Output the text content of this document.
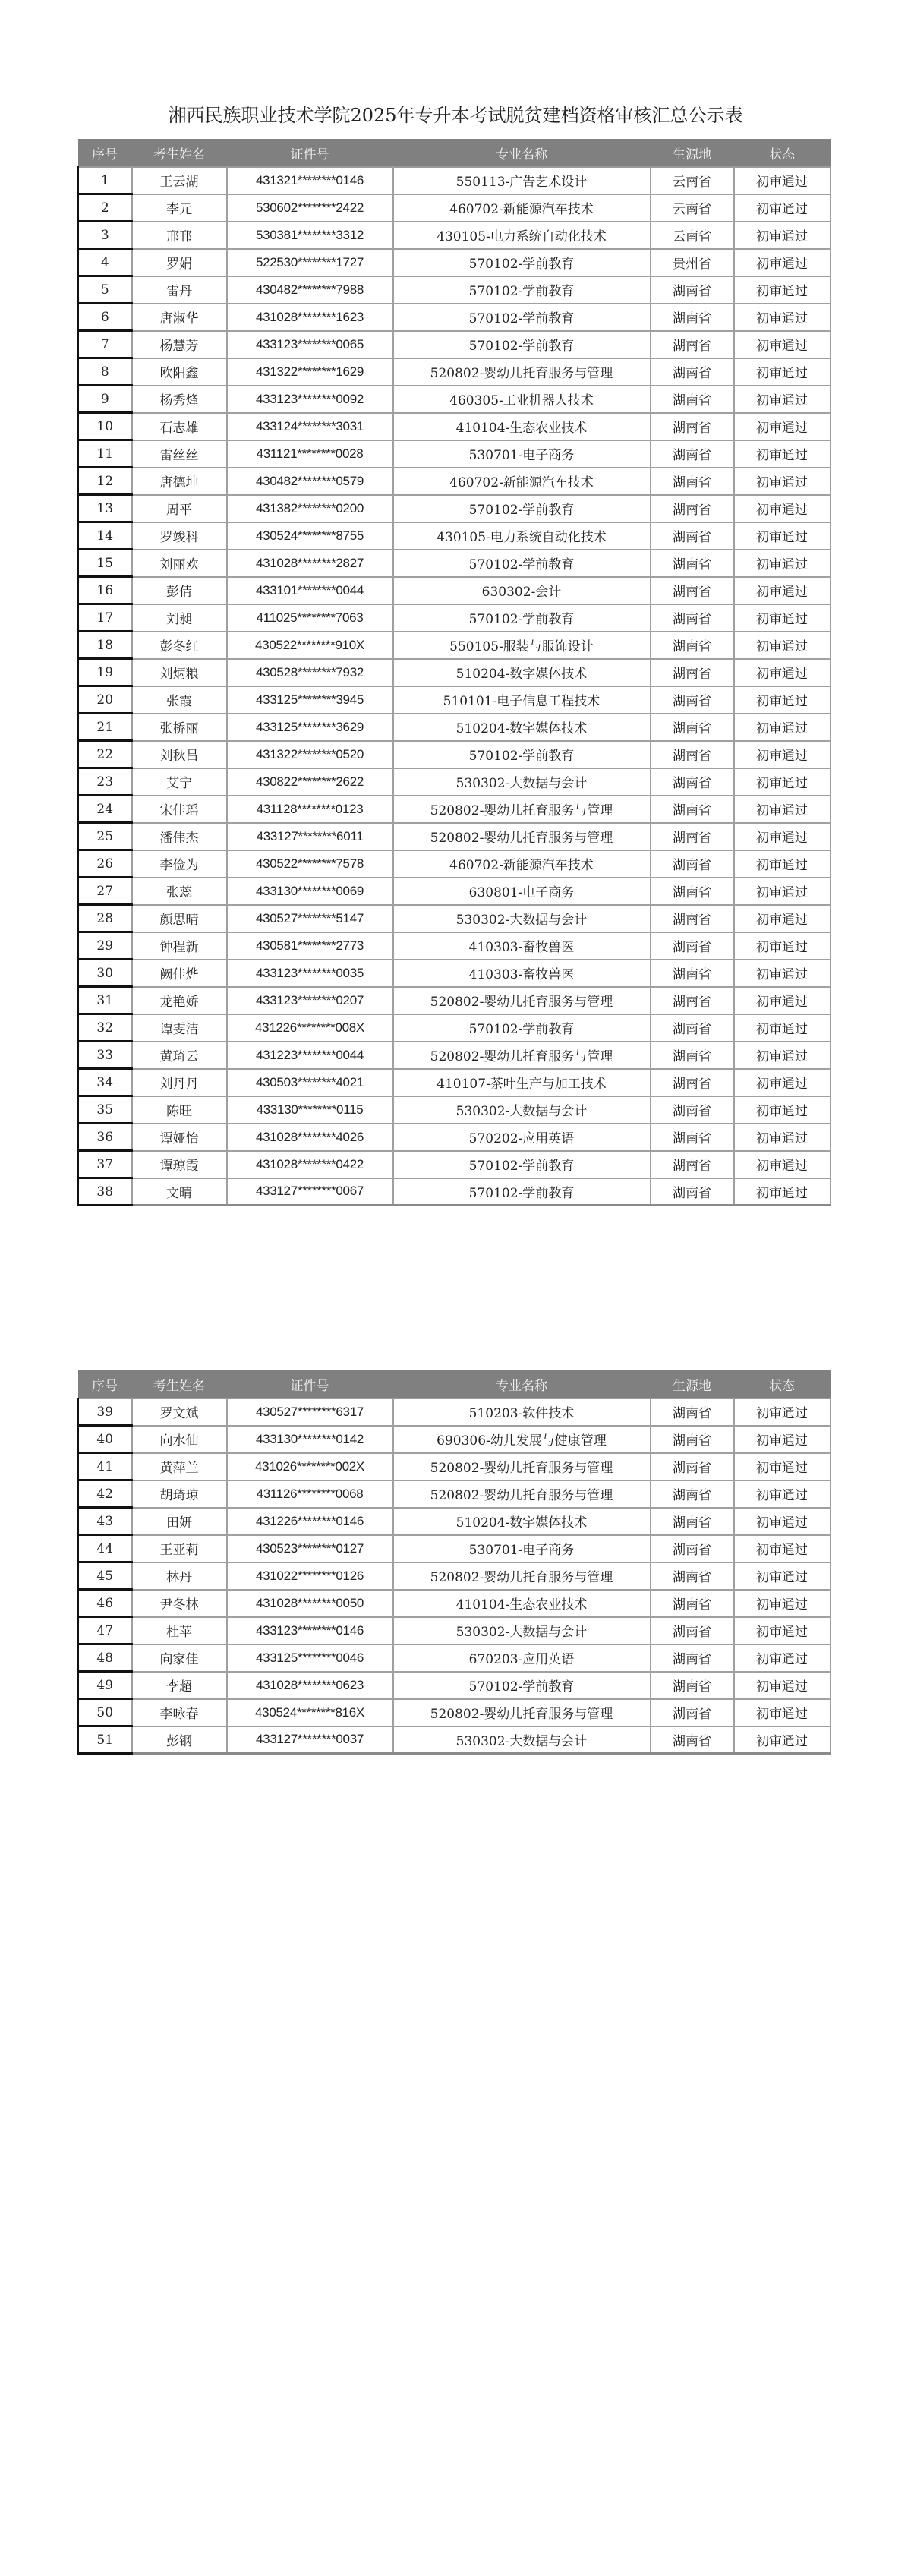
湘西民族职业技术学院2025年专升本考试脱贫建档资格审核汇总公示表
序号	考生姓名	证件号	专业名称	生源地	状态
1	王云湖	431321********0146	550113-广告艺术设计	云南省	初审通过
2	李元	530602********2422	460702-新能源汽车技术	云南省	初审通过
3	邢邗	530381********3312	430105-电力系统自动化技术	云南省	初审通过
4	罗娟	522530********1727	570102-学前教育	贵州省	初审通过
5	雷丹	430482********7988	570102-学前教育	湖南省	初审通过
6	唐淑华	431028********1623	570102-学前教育	湖南省	初审通过
7	杨慧芳	433123********0065	570102-学前教育	湖南省	初审通过
8	欧阳鑫	431322********1629	520802-婴幼儿托育服务与管理	湖南省	初审通过
9	杨秀烽	433123********0092	460305-工业机器人技术	湖南省	初审通过
10	石志雄	433124********3031	410104-生态农业技术	湖南省	初审通过
11	雷丝丝	431121********0028	530701-电子商务	湖南省	初审通过
12	唐德坤	430482********0579	460702-新能源汽车技术	湖南省	初审通过
13	周平	431382********0200	570102-学前教育	湖南省	初审通过
14	罗竣科	430524********8755	430105-电力系统自动化技术	湖南省	初审通过
15	刘丽欢	431028********2827	570102-学前教育	湖南省	初审通过
16	彭倩	433101********0044	630302-会计	湖南省	初审通过
17	刘昶	411025********7063	570102-学前教育	湖南省	初审通过
18	彭冬红	430522********910X	550105-服装与服饰设计	湖南省	初审通过
19	刘炳粮	430528********7932	510204-数字媒体技术	湖南省	初审通过
20	张霞	433125********3945	510101-电子信息工程技术	湖南省	初审通过
21	张桥丽	433125********3629	510204-数字媒体技术	湖南省	初审通过
22	刘秋吕	431322********0520	570102-学前教育	湖南省	初审通过
23	艾宁	430822********2622	530302-大数据与会计	湖南省	初审通过
24	宋佳瑶	431128********0123	520802-婴幼儿托育服务与管理	湖南省	初审通过
25	潘伟杰	433127********6011	520802-婴幼儿托育服务与管理	湖南省	初审通过
26	李俭为	430522********7578	460702-新能源汽车技术	湖南省	初审通过
27	张蕊	433130********0069	630801-电子商务	湖南省	初审通过
28	颜思晴	430527********5147	530302-大数据与会计	湖南省	初审通过
29	钟程新	430581********2773	410303-畜牧兽医	湖南省	初审通过
30	阙佳烨	433123********0035	410303-畜牧兽医	湖南省	初审通过
31	龙艳娇	433123********0207	520802-婴幼儿托育服务与管理	湖南省	初审通过
32	谭雯洁	431226********008X	570102-学前教育	湖南省	初审通过
33	黄琦云	431223********0044	520802-婴幼儿托育服务与管理	湖南省	初审通过
34	刘丹丹	430503********4021	410107-茶叶生产与加工技术	湖南省	初审通过
35	陈旺	433130********0115	530302-大数据与会计	湖南省	初审通过
36	谭娅怡	431028********4026	570202-应用英语	湖南省	初审通过
37	谭琼霞	431028********0422	570102-学前教育	湖南省	初审通过
38	文晴	433127********0067	570102-学前教育	湖南省	初审通过
序号	考生姓名	证件号	专业名称	生源地	状态
39	罗文斌	430527********6317	510203-软件技术	湖南省	初审通过
40	向水仙	433130********0142	690306-幼儿发展与健康管理	湖南省	初审通过
41	黄萍兰	431026********002X	520802-婴幼儿托育服务与管理	湖南省	初审通过
42	胡琦琼	431126********0068	520802-婴幼儿托育服务与管理	湖南省	初审通过
43	田妍	431226********0146	510204-数字媒体技术	湖南省	初审通过
44	王亚莉	430523********0127	530701-电子商务	湖南省	初审通过
45	林丹	431022********0126	520802-婴幼儿托育服务与管理	湖南省	初审通过
46	尹冬林	431028********0050	410104-生态农业技术	湖南省	初审通过
47	杜苹	433123********0146	530302-大数据与会计	湖南省	初审通过
48	向家佳	433125********0046	670203-应用英语	湖南省	初审通过
49	李超	431028********0623	570102-学前教育	湖南省	初审通过
50	李咏春	430524********816X	520802-婴幼儿托育服务与管理	湖南省	初审通过
51	彭钢	433127********0037	530302-大数据与会计	湖南省	初审通过
